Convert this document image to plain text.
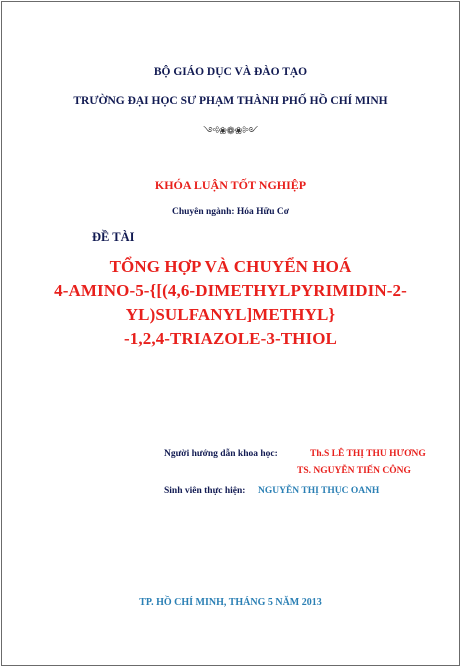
BỘ GIÁO DỤC VÀ ĐÀO TẠO
TRƯỜNG ĐẠI HỌC SƯ PHẠM THÀNH PHỐ HỒ CHÍ MINH
༺❀❁❀༻
KHÓA LUẬN TỐT NGHIỆP
Chuyên ngành: Hóa Hữu Cơ
ĐỀ TÀI
TỔNG HỢP VÀ CHUYỂN HOÁ
4-AMINO-5-{[(4,6-DIMETHYLPYRIMIDIN-2-
YL)SULFANYL]METHYL}
-1,2,4-TRIAZOLE-3-THIOL
Người hướng dẫn khoa học:	Th.S LÊ THỊ THU HƯƠNG
TS. NGUYỄN TIẾN CÔNG
Sinh viên thực hiện: NGUYỄN THỊ THỤC OANH
TP. HỒ CHÍ MINH, THÁNG 5 NĂM 2013
